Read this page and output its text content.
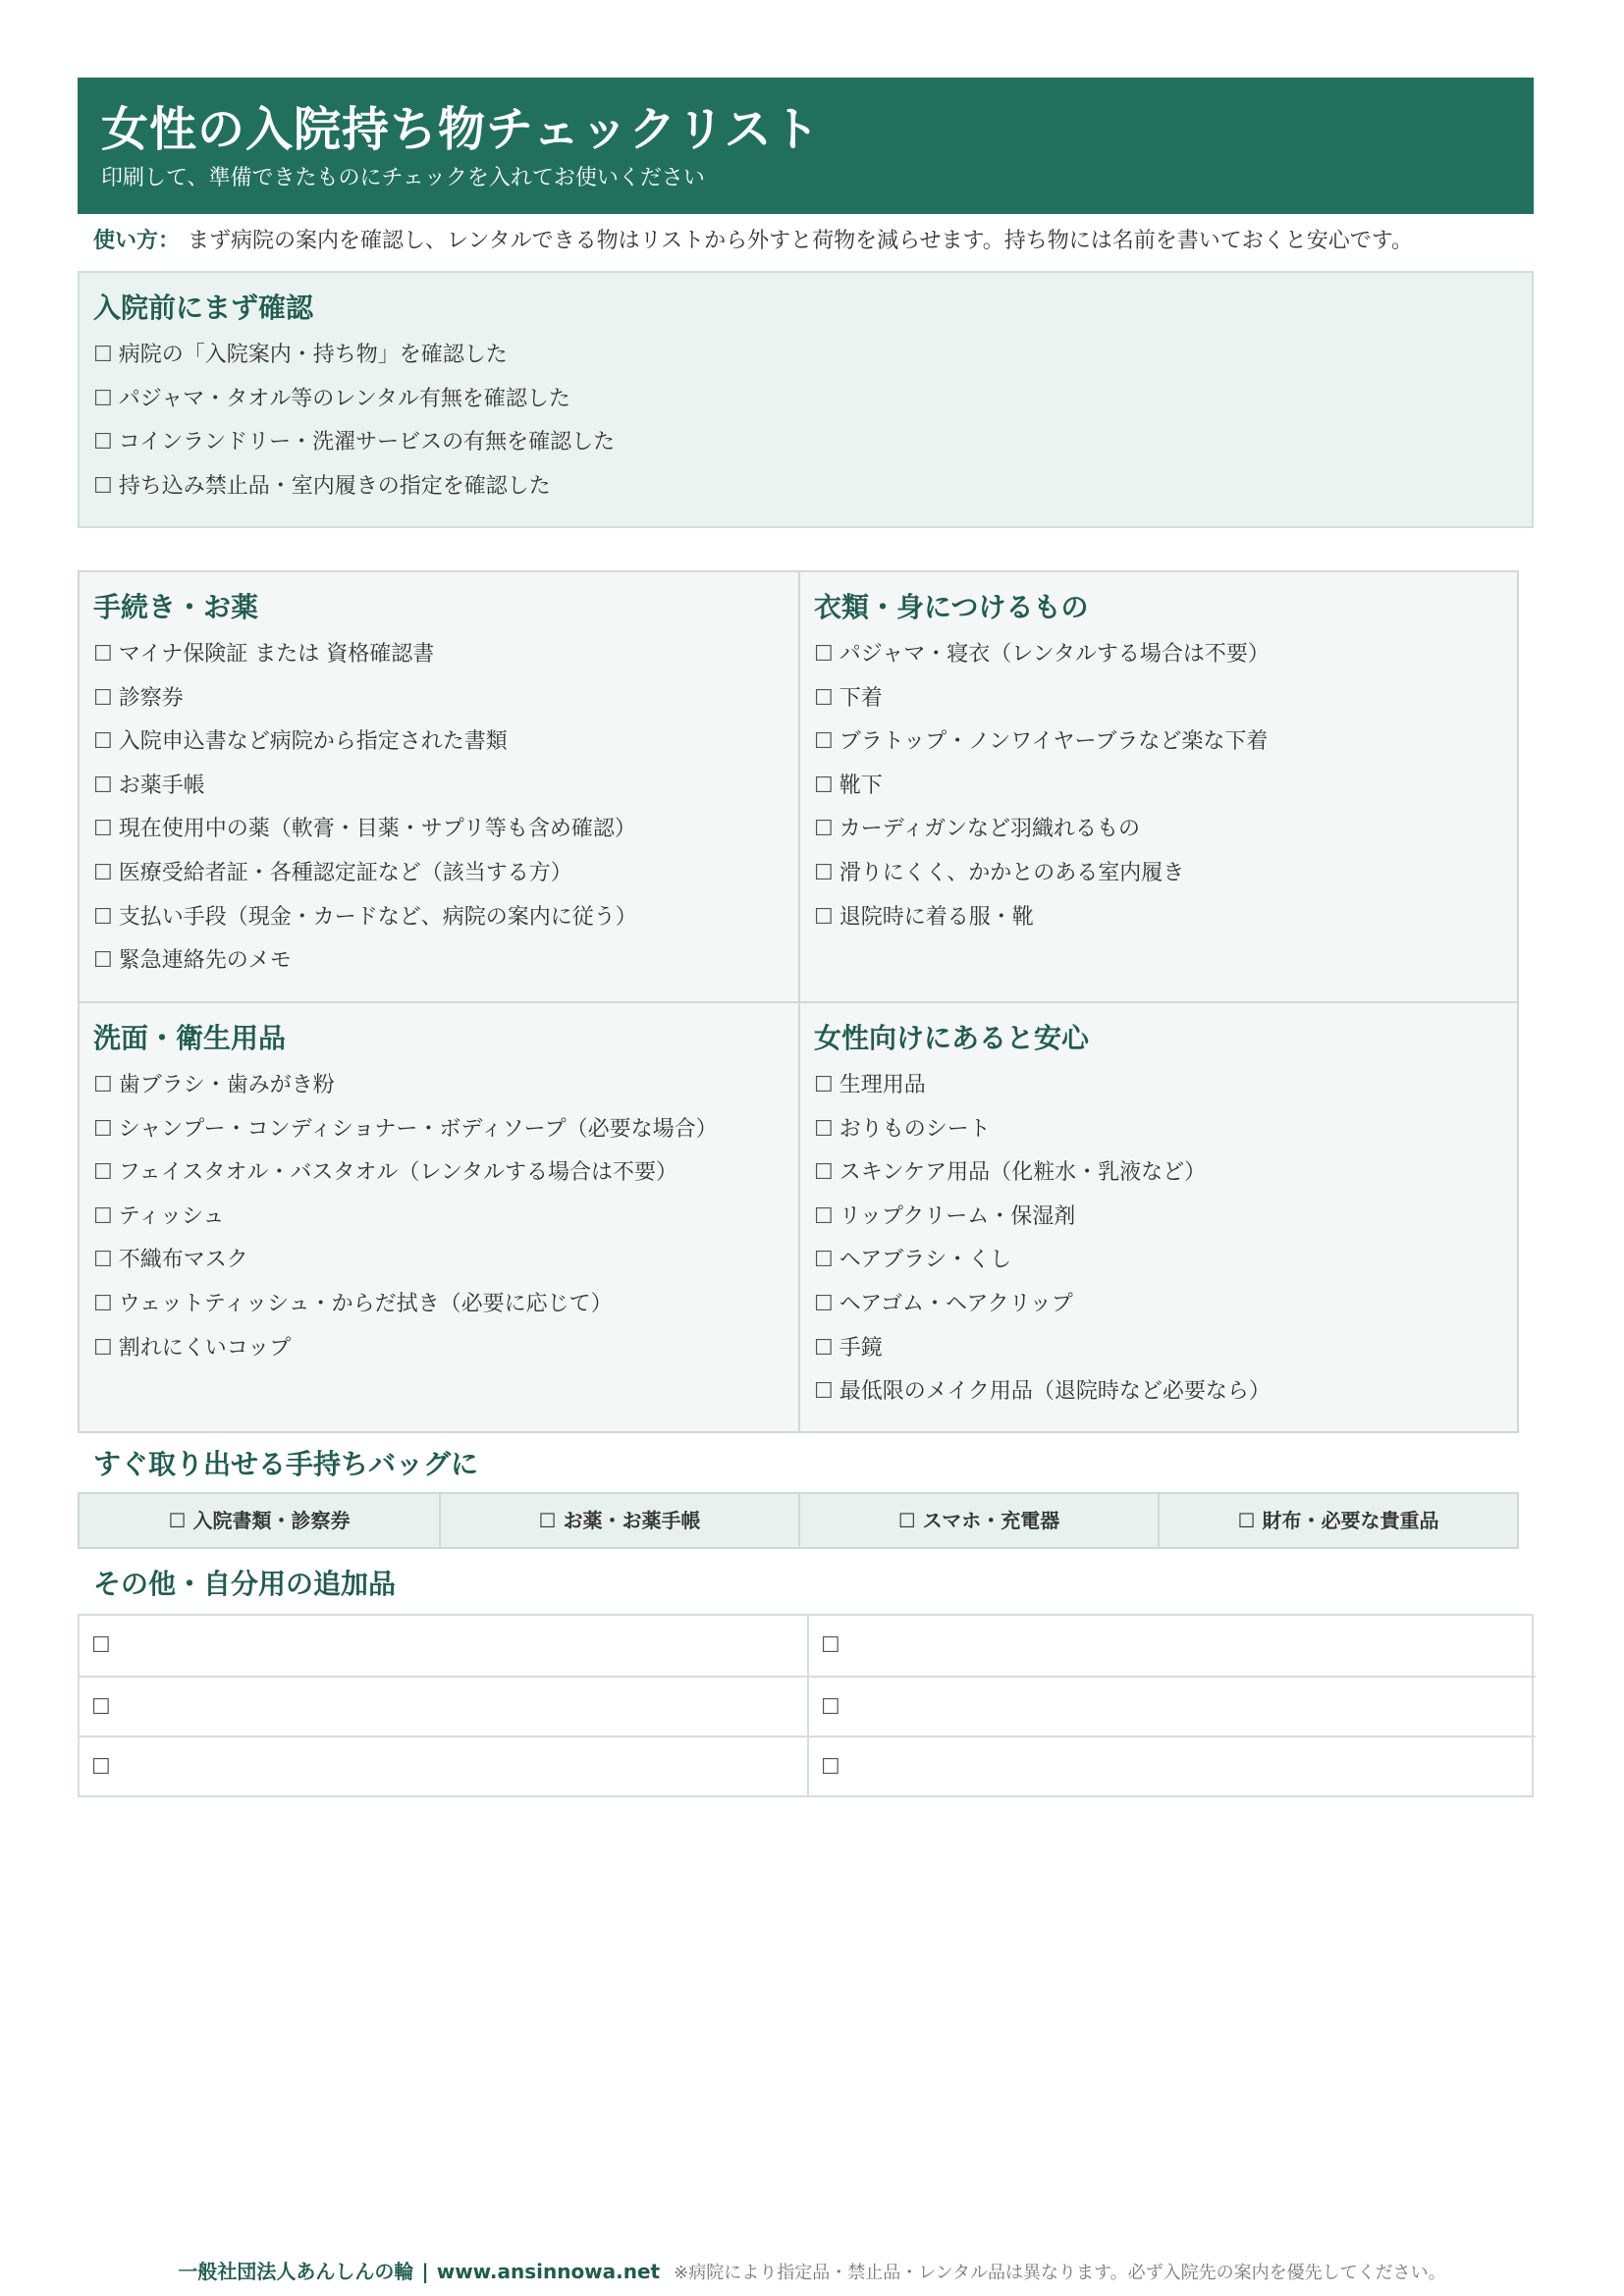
女性の入院持ち物チェックリスト
印刷して、準備できたものにチェックを入れてお使いください
使い方： まず病院の案内を確認し、レンタルできる物はリストから外すと荷物を減らせます。持ち物には名前を書いておくと安心です。
入院前にまず確認
☐ 病院の「入院案内・持ち物」を確認した
☐ パジャマ・タオル等のレンタル有無を確認した
☐ コインランドリー・洗濯サービスの有無を確認した
☐ 持ち込み禁止品・室内履きの指定を確認した
手続き・お薬
☐ マイナ保険証 または 資格確認書
☐ 診察券
☐ 入院申込書など病院から指定された書類
☐ お薬手帳
☐ 現在使用中の薬（軟膏・目薬・サプリ等も含め確認）
☐ 医療受給者証・各種認定証など（該当する方）
☐ 支払い手段（現金・カードなど、病院の案内に従う）
☐ 緊急連絡先のメモ
衣類・身につけるもの
☐ パジャマ・寝衣（レンタルする場合は不要）
☐ 下着
☐ ブラトップ・ノンワイヤーブラなど楽な下着
☐ 靴下
☐ カーディガンなど羽織れるもの
☐ 滑りにくく、かかとのある室内履き
☐ 退院時に着る服・靴
洗面・衛生用品
☐ 歯ブラシ・歯みがき粉
☐ シャンプー・コンディショナー・ボディソープ（必要な場合）
☐ フェイスタオル・バスタオル（レンタルする場合は不要）
☐ ティッシュ
☐ 不織布マスク
☐ ウェットティッシュ・からだ拭き（必要に応じて）
☐ 割れにくいコップ
女性向けにあると安心
☐ 生理用品
☐ おりものシート
☐ スキンケア用品（化粧水・乳液など）
☐ リップクリーム・保湿剤
☐ ヘアブラシ・くし
☐ ヘアゴム・ヘアクリップ
☐ 手鏡
☐ 最低限のメイク用品（退院時など必要なら）
すぐ取り出せる手持ちバッグに
☐ 入院書類・診察券	☐ お薬・お薬手帳	☐ スマホ・充電器	☐ 財布・必要な貴重品
その他・自分用の追加品
☐	☐
☐	☐
☐	☐
一般社団法人あんしんの輪 | www.ansinnowa.net ※病院により指定品・禁止品・レンタル品は異なります。必ず入院先の案内を優先してください。
